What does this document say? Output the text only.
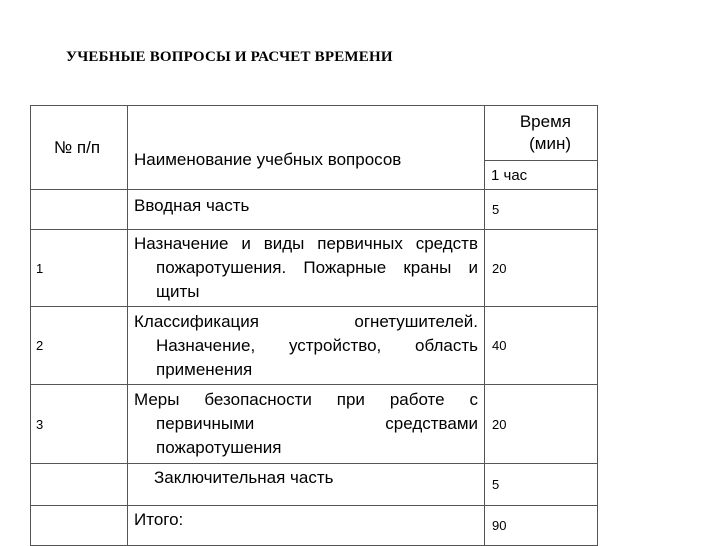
УЧЕБНЫЕ ВОПРОСЫ И РАСЧЕТ ВРЕМЕНИ
№ п/п	Наименование учебных вопросов	Время
(мин)

		1 час
	Вводная часть	5
1	Назначение и виды первичных средств пожаротушения. Пожарные краны и щиты	20
2	Классификация огнетушителей. Назначение, устройство, область применения	40
3	Меры безопасности при работе с первичными средствами пожаротушения	20
	Заключительная часть	5
	Итого:	90
